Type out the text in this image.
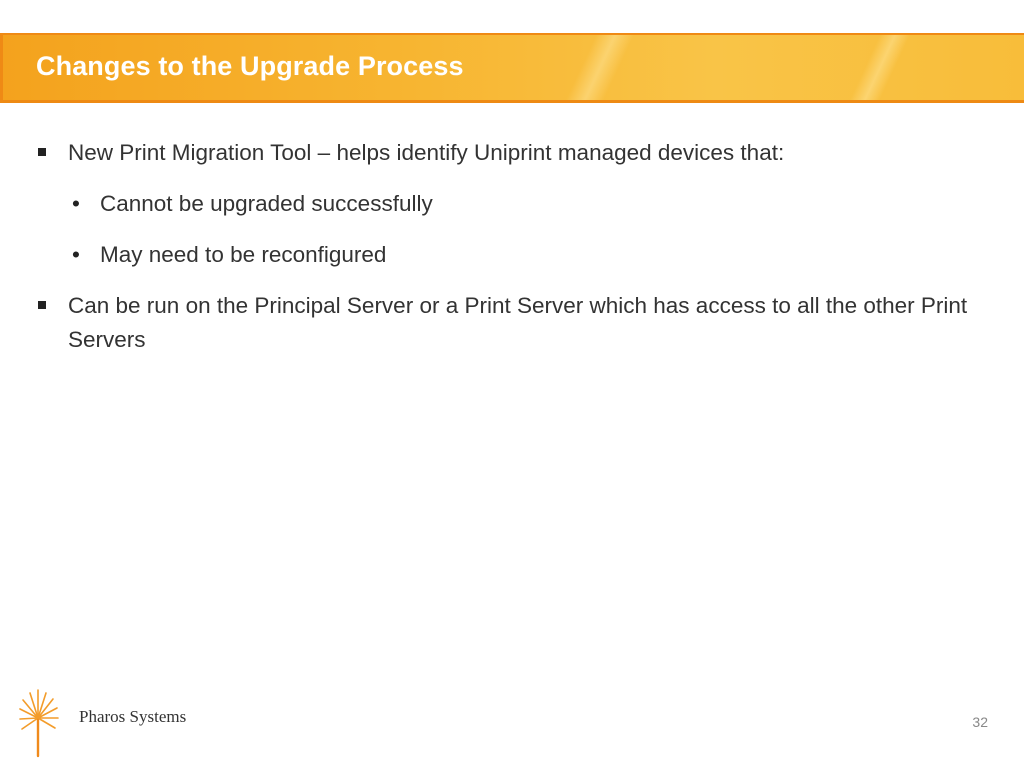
Changes to the Upgrade Process
New Print Migration Tool – helps identify Uniprint managed devices that:
• Cannot be upgraded successfully
• May need to be reconfigured
Can be run on the Principal Server or a Print Server which has access to all the other Print Servers
Pharos Systems	32
